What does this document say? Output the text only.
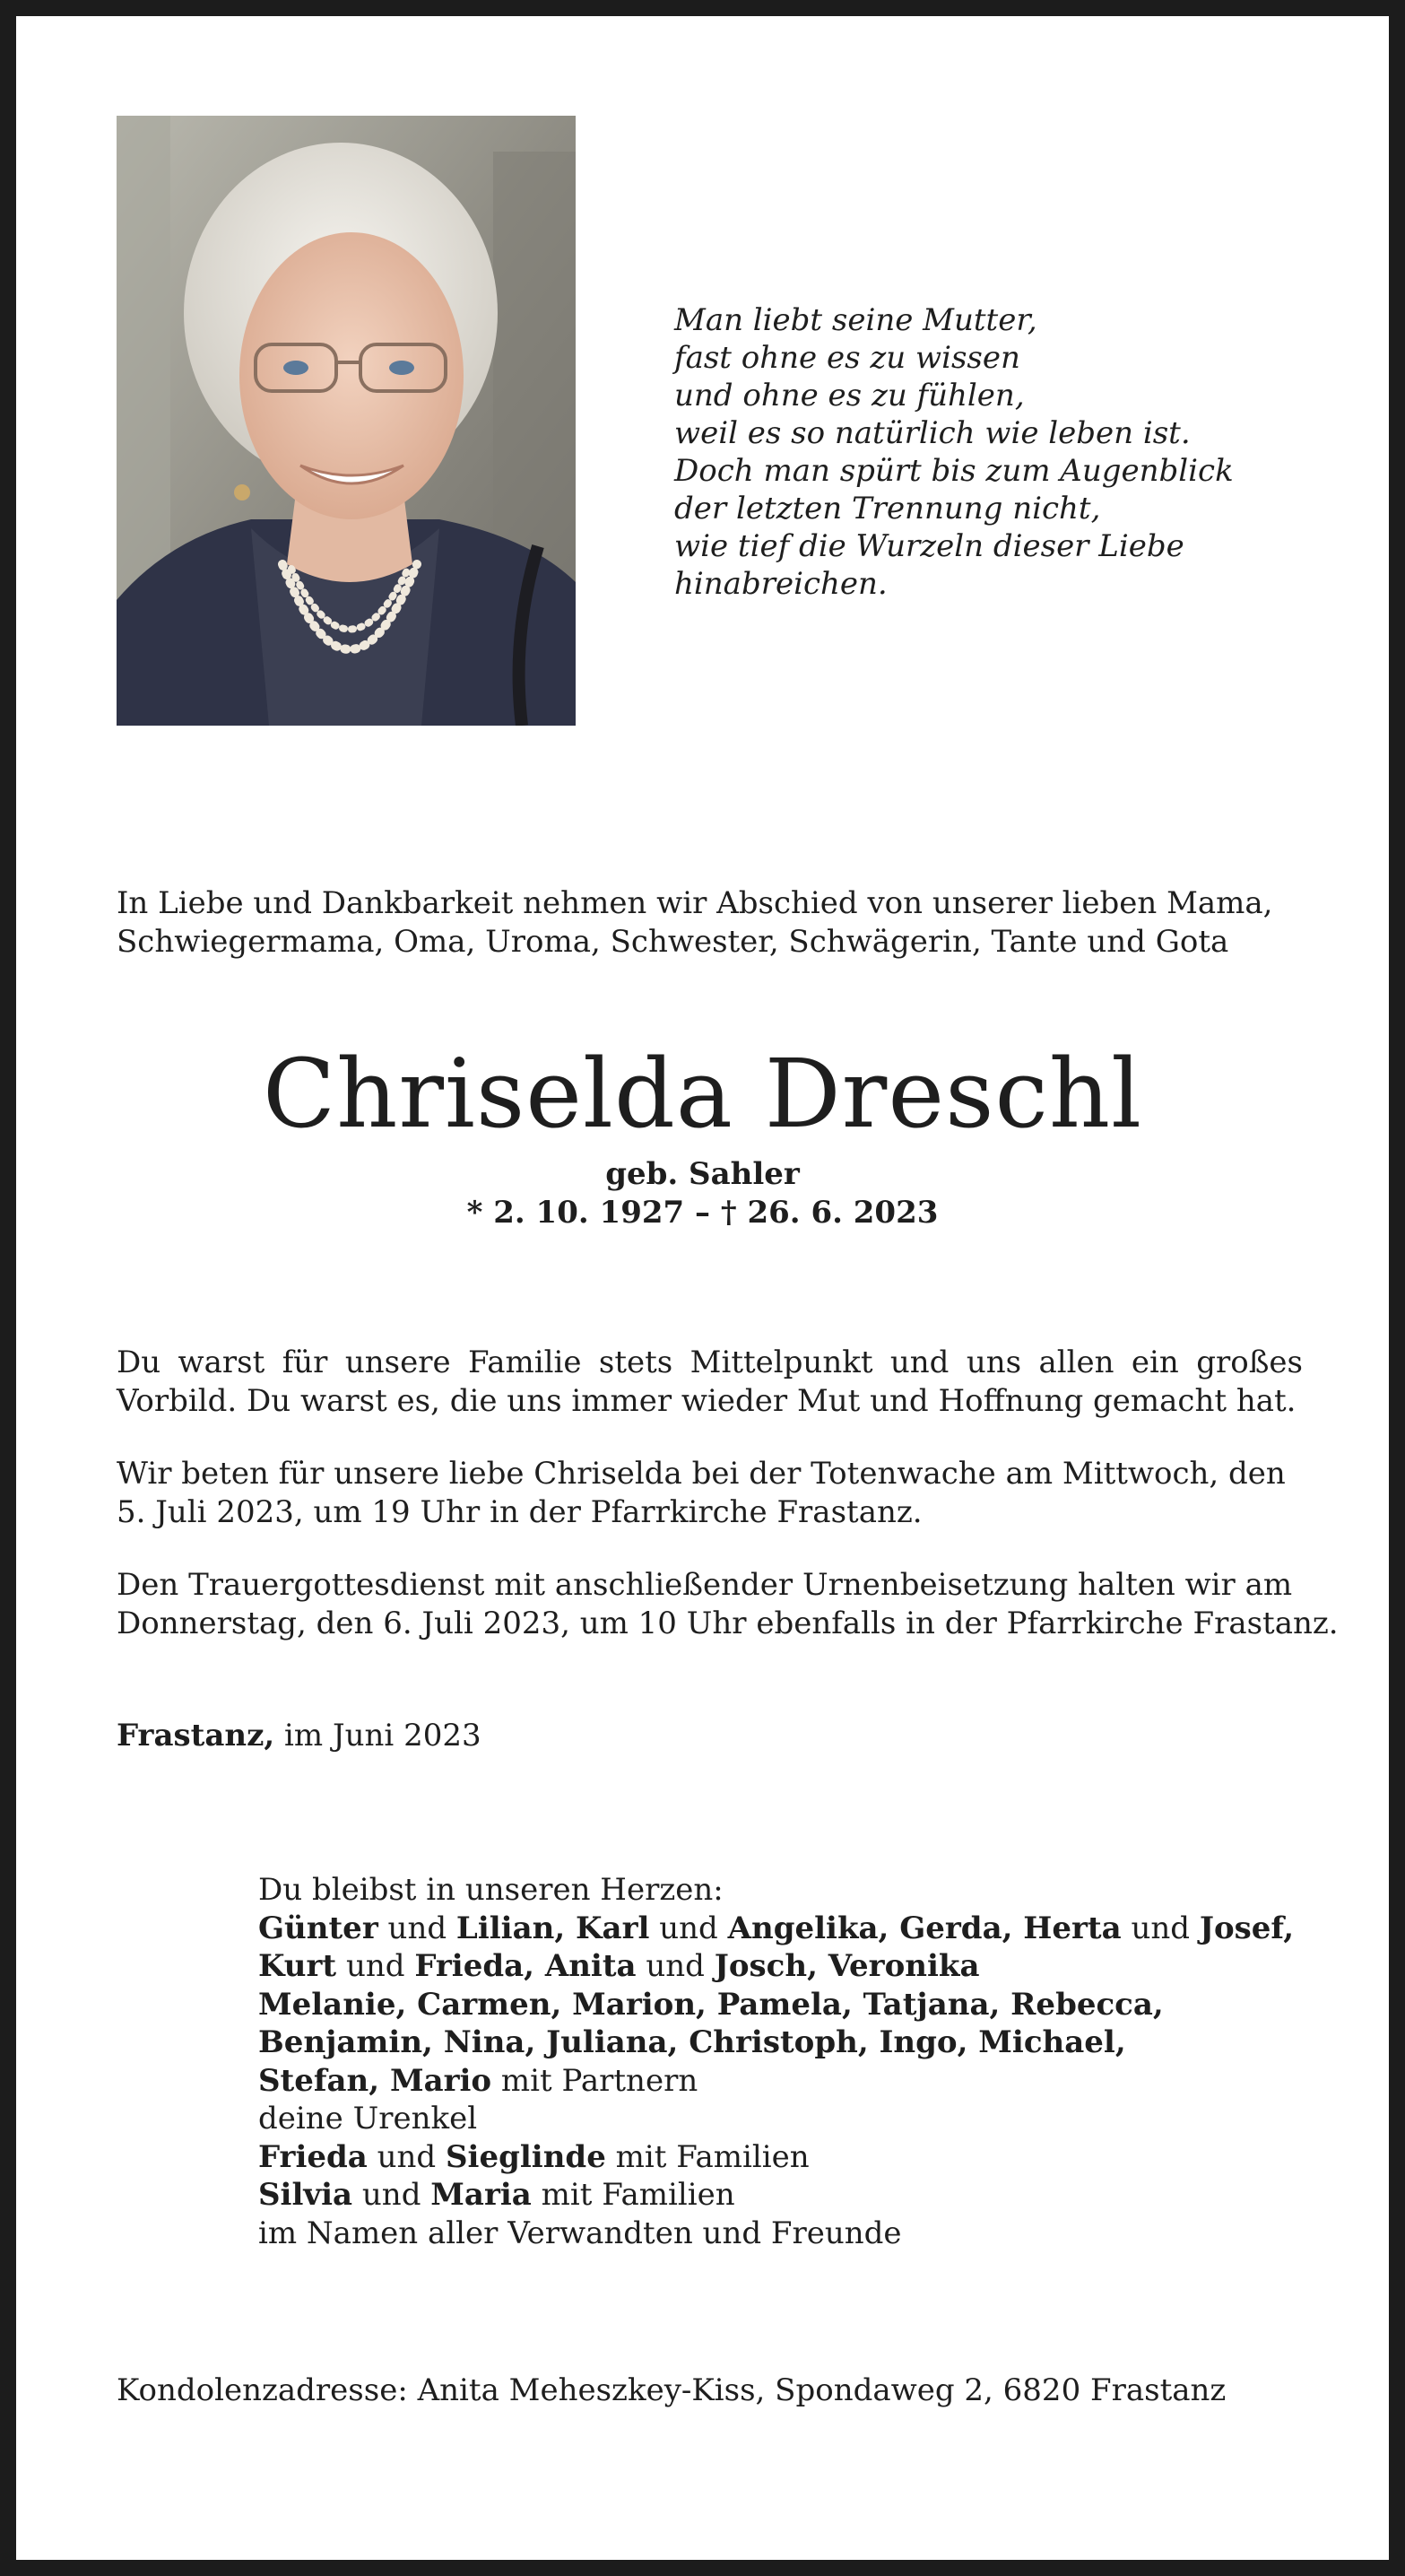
Man liebt seine Mutter,
fast ohne es zu wissen
und ohne es zu fühlen,
weil es so natürlich wie leben ist.
Doch man spürt bis zum Augenblick
der letzten Trennung nicht,
wie tief die Wurzeln dieser Liebe
hinabreichen.
In Liebe und Dankbarkeit nehmen wir Abschied von unserer lieben Mama,
Schwiegermama, Oma, Uroma, Schwester, Schwägerin, Tante und Gota
Chriselda Dreschl
geb. Sahler
* 2. 10. 1927 – † 26. 6. 2023
Du warst für unsere Familie stets Mittelpunkt und uns allen ein großes Vorbild. Du warst es, die uns immer wieder Mut und Hoffnung gemacht hat.
Wir beten für unsere liebe Chriselda bei der Totenwache am Mittwoch, den
5. Juli 2023, um 19 Uhr in der Pfarrkirche Frastanz.
Den Trauergottesdienst mit anschließender Urnenbeisetzung halten wir am
Donnerstag, den 6. Juli 2023, um 10 Uhr ebenfalls in der Pfarrkirche Frastanz.
Frastanz, im Juni 2023
Du bleibst in unseren Herzen:
Günter und Lilian, Karl und Angelika, Gerda, Herta und Josef,
Kurt und Frieda, Anita und Josch, Veronika
Melanie, Carmen, Marion, Pamela, Tatjana, Rebecca,
Benjamin, Nina, Juliana, Christoph, Ingo, Michael,
Stefan, Mario mit Partnern
deine Urenkel
Frieda und Sieglinde mit Familien
Silvia und Maria mit Familien
im Namen aller Verwandten und Freunde
Kondolenzadresse: Anita Meheszkey-Kiss, Spondaweg 2, 6820 Frastanz
